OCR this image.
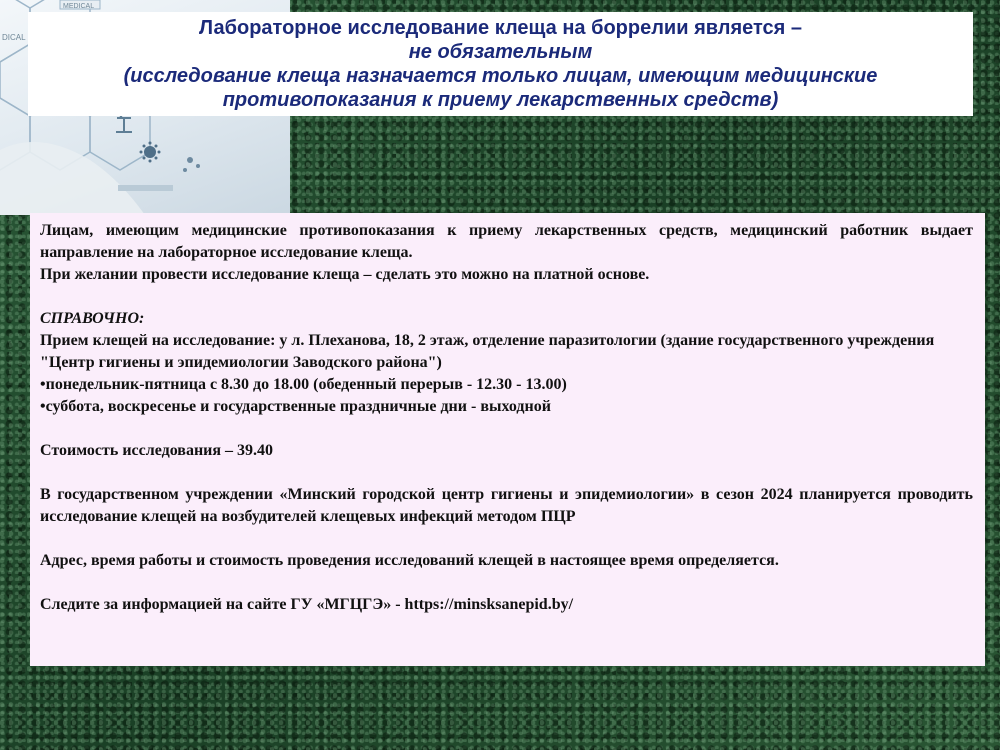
MEDICAL
DICAL	Лабораторное исследование клеща на боррелии является –
не обязательным
(исследование клеща назначается только лицам, имеющим медицинские
противопоказания к приему лекарственных средств)

Лицам, имеющим медицинские противопоказания к приему лекарственных средств, медицинский работник выдает направление на лабораторное исследование клеща.

При желании провести исследование клеща – сделать это можно на платной основе.

СПРАВОЧНО:

Прием клещей на исследование: у л. Плеханова, 18, 2 этаж, отделение паразитологии (здание государственного учреждения "Центр гигиены и эпидемиологии Заводского района")

•понедельник-пятница с 8.30 до 18.00 (обеденный перерыв - 12.30 - 13.00)

•суббота, воскресенье и государственные праздничные дни - выходной

Стоимость исследования – 39.40

В государственном учреждении «Минский городской центр гигиены и эпидемиологии» в сезон 2024 планируется проводить исследование клещей на возбудителей клещевых инфекций методом ПЦР

Адрес, время работы и стоимость проведения исследований клещей в настоящее время определяется.

Следите за информацией на сайте ГУ «МГЦГЭ» - https://minsksanepid.by/
